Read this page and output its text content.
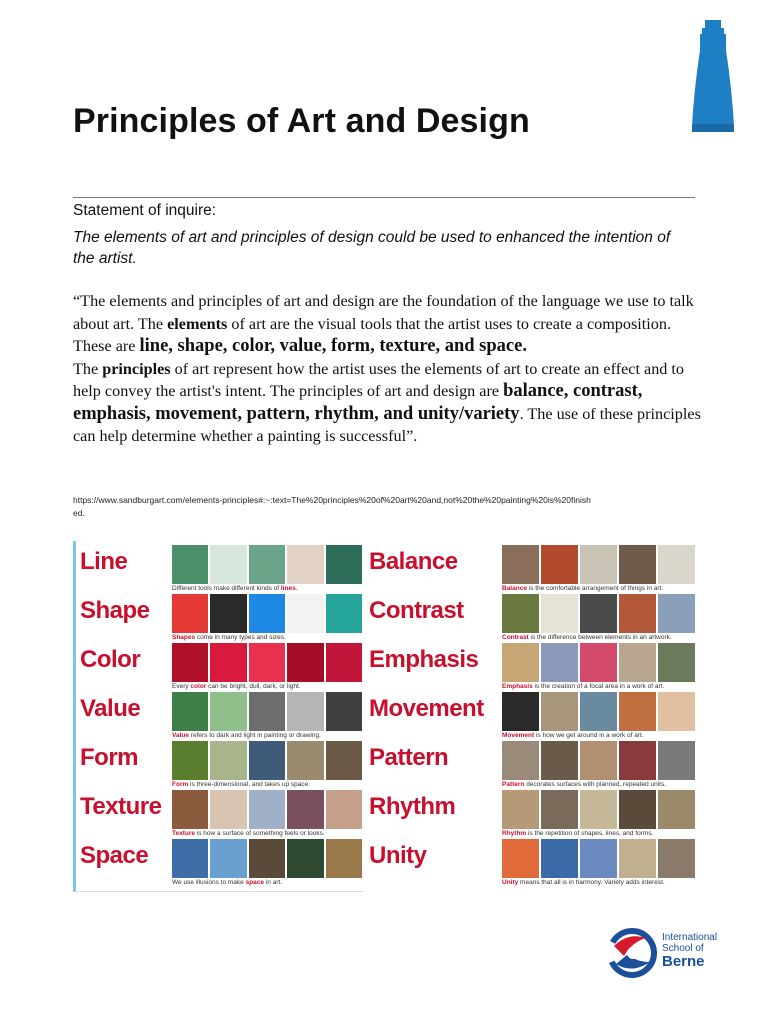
Principles of Art and Design
Statement of inquire:
The elements of art and principles of design could be used to enhanced the intention of the artist.
“The elements and principles of art and design are the foundation of the language we use to talk about art. The elements of art are the visual tools that the artist uses to create a composition. These are line, shape, color, value, form, texture, and space.
The principles of art represent how the artist uses the elements of art to create an effect and to help convey the artist's intent. The principles of art and design are balance, contrast, emphasis, movement, pattern, rhythm, and unity/variety. The use of these principles can help determine whether a painting is successful”.
https://www.sandburgart.com/elements-principles#:~:text=The%20principles%20of%20art%20and,not%20the%20painting%20is%20finished.
Line
Different tools make different kinds of lines.
Shape
Shapes come in many types and sizes.
Color
Every color can be bright, dull, dark, or light.
Value
Value refers to dark and light in painting or drawing.
Form
Form is three-dimensional, and takes up space.
Texture
Texture is how a surface of something feels or looks.
Space
We use illusions to make space in art.
Balance
Balance is the comfortable arrangement of things in art.
Contrast
Contrast is the difference between elements in an artwork.
Emphasis
Emphasis is the creation of a focal area in a work of art.
Movement
Movement is how we get around in a work of art.
Pattern
Pattern decorates surfaces with planned, repeated units.
Rhythm
Rhythm is the repetition of shapes, lines, and forms.
Unity
Unity means that all is in harmony. Variety adds interest.
International
School of
Berne
